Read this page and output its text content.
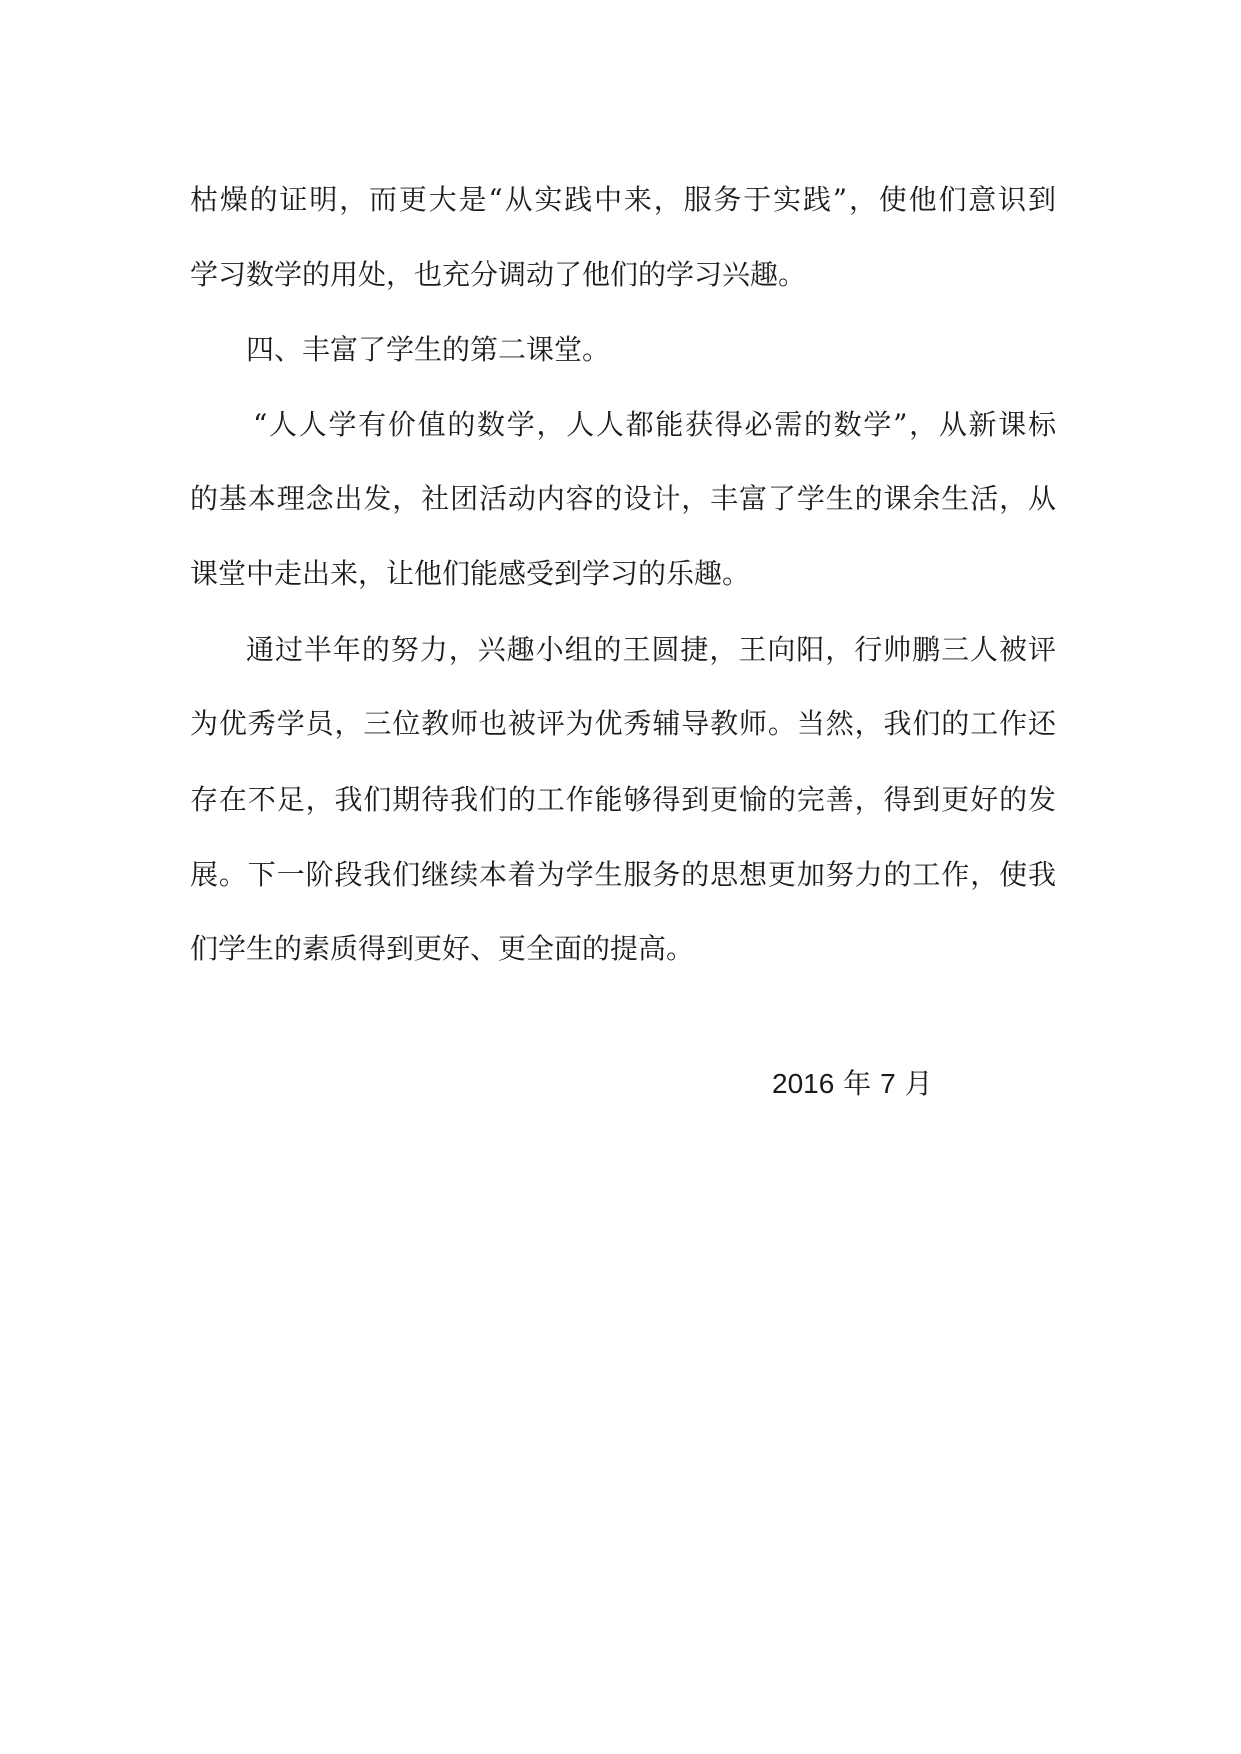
枯燥的证明，而更大是“从实践中来，服务于实践”，使他们意识到
学习数学的用处，也充分调动了他们的学习兴趣。
四、丰富了学生的第二课堂。
“人人学有价值的数学，人人都能获得必需的数学”，从新课标
的基本理念出发，社团活动内容的设计，丰富了学生的课余生活，从
课堂中走出来，让他们能感受到学习的乐趣。
通过半年的努力，兴趣小组的王圆捷，王向阳，行帅鹏三人被评
为优秀学员，三位教师也被评为优秀辅导教师。当然，我们的工作还
存在不足，我们期待我们的工作能够得到更愉的完善，得到更好的发
展。下一阶段我们继续本着为学生服务的思想更加努力的工作，使我
们学生的素质得到更好、更全面的提高。
2016 年 7 月
